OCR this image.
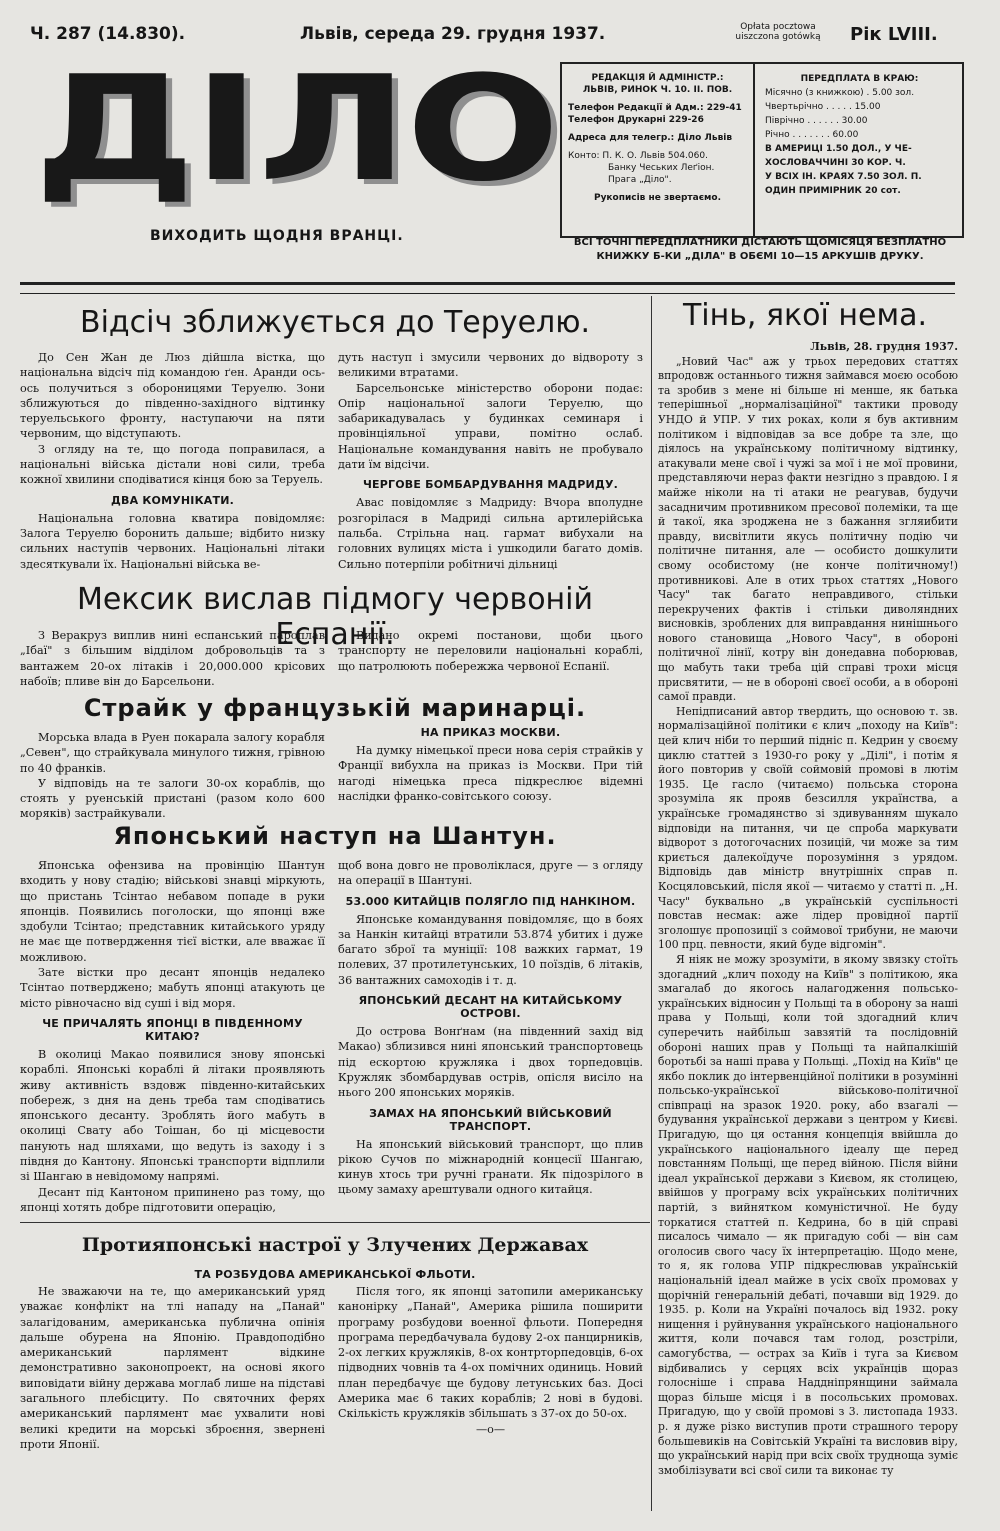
Ч. 287 (14.830).	Львів, середа 29. грудня 1937.	Opłata pocztowa uiszczona gotówką	Рік LVIII.
ДІЛО
ВИХОДИТЬ ЩОДНЯ ВРАНЦІ.
РЕДАКЦІЯ Й АДМІНІСТР.:
ЛЬВІВ, РИНОК Ч. 10. II. ПОВ.
Телефон Редакції й Адм.: 229-41
Телефон Друкарні 229-26
Адреса для телегр.: Діло Львів
Конто: П. К. О. Львів 504.060.
Банку Чеських Леґіон.
Прага „Діло".
Рукописів не звертаємо.
ПЕРЕДПЛАТА В КРАЮ:
Місячно (з книжкою) . 5.00 зол.
Чвертьрічно . . . . . 15.00
Піврічно . . . . . . 30.00
Річно . . . . . . . 60.00
В АМЕРИЦІ 1.50 ДОЛ., У ЧЕ-
ХОСЛОВАЧЧИНІ 30 КОР. Ч.
У ВСІХ ІН. КРАЯХ 7.50 ЗОЛ. П.
ОДИН ПРИМІРНИК 20 сот.
ВСІ ТОЧНІ ПЕРЕДПЛАТНИКИ ДІСТАЮТЬ ЩОМІСЯЦЯ БЕЗПЛАТНО КНИЖКУ Б-КИ „ДІЛА" В ОБЄМІ 10—15 АРКУШІВ ДРУКУ.
Відсіч зближується до Теруелю.

До Сен Жан де Люз дійшла вістка, що національна відсіч під командою ґен. Аранди ось-ось получиться з обороницями Теруелю. Зони зближуються до південно-західного відтинку теруельського фронту, наступаючи на пяти червоним, що відступають.

З огляду на те, що погода поправилася, а національні війська дістали нові сили, треба кожної хвилини сподіватися кінця бою за Теруель.

ДВА КОМУНІКАТИ.

Національна головна кватира повідомляє: Залога Теруелю боронить дальше; відбито низку сильних наступів червоних. Національні літаки здесяткували їх. Національні війська ве-

дуть наступ і змусили червоних до відвороту з великими втратами.

Барсельонське міністерство оборони подає: Опір національної залоги Теруелю, що забарикадувалась у будинках семинаря і провінціяльної управи, помітно ослаб. Національне командування навіть не пробувало дати їм відсічи.

ЧЕРГОВЕ БОМБАРДУВАННЯ МАДРИДУ.

Авас повідомляє з Мадриду: Вчора вполудне розгорілася в Мадриді сильна артилерійська пальба. Стрільна нац. гармат вибухали на головних вулицях міста і ушкодили багато домів. Сильно потерпіли робітничі дільниці

Мексик вислав підмогу червоній Еспанії.

З Веракруз виплив нині еспанський пароплав „Ібаї" з більшим відділом добровольців та з вантажем 20-ох літаків і 20,000.000 кріcових набоїв; пливе він до Барсельони.

Видано окремі постанови, щоби цього транспорту не переловили національні кораблі, що патролюють побережжа червоної Еспанії.

Страйк у французькій маринарці.

Морська влада в Руен покарала залогу корабля „Севен", що страйкувала минулого тижня, грiвною по 40 франків.

У відповідь на те залоги 30-ох кораблів, що стоять у руенській пристані (разом коло 600 моряків) застрайкували.

НА ПРИКАЗ МОСКВИ.

На думку німецької преси нова серія страйків у Франції вибухла на приказ із Москви. При тій нагоді німецька преса підкреслює відемні наслідки франко-совітського союзу.

Японський наступ на Шантун.

Японська офензива на провінцію Шантун входить у нову стадію; військові знавці міркують, що пристань Тсінтао небавом попаде в руки японців. Появились поголоски, що японці вже здобули Тсінтао; представник китайського уряду не має ще потвердження тієї вістки, але вважає її можливою.

Зате вістки про десант японців недалеко Тсінтао потверджено; мабуть японці атакують це місто рівночасно від суші і від моря.

ЧЕ ПРИЧАЛЯТЬ ЯПОНЦІ В ПІВДЕННОМУ КИТАЮ?

В околиці Макао появилися знову японські кораблі. Японські кораблі й літаки проявляють живу активність вздовж південно-китайських побереж, з дня на день треба там сподіватись японського десанту. Зроблять його мабуть в околиці Свату або Тоішан, бо ці місцевости панують над шляхами, що ведуть із заходу і з півдня до Кантону. Японські транспорти відплили зі Шангаю в невідомому напрямі.

Десант під Кантоном припинено раз тому, що японці хотять добре підготовити операцію,

щоб вона довго не проволіклася, друге — з огляду на операції в Шантуні.

53.000 КИТАЙЦІВ ПОЛЯГЛО ПІД НАНКІНОМ.

Японське командування повідомляє, що в боях за Нанкін китайці втратили 53.874 убитих і дуже багато зброї та муніції: 108 важких гармат, 19 полевих, 37 протилетунських, 10 поїздів, 6 літаків, 36 вантажних самоходів і т. д.

ЯПОНСЬКИЙ ДЕСАНТ НА КИТАЙСЬКОМУ ОСТРОВІ.

До острова Вонґнам (на південний захід від Макао) зблизився нині японський транспортовець під ескортою кружляка і двох торпедовців. Кружляк збомбардував острів, опісля висіло на нього 200 японських моряків.

ЗАМАХ НА ЯПОНСЬКИЙ ВІЙСЬКОВИЙ ТРАНСПОРТ.

На японський військовий транспорт, що плив рікою Сучов по міжнародній концесії Шангаю, кинув хтось три ручні гранати. Як підозрілого в цьому замаху арештували одного китайця.

Протияпонські настрої у Злучених Державах
ТА РОЗБУДОВА АМЕРИКАНСЬКОЇ ФЛЬОТИ.

Не зважаючи на те, що американський уряд уважає конфлікт на тлі нападу на „Панай" залагідованим, американська публична опінія дальше обурена на Японію. Правдоподібно американський парлямент відкине демонстративно законопроект, на основі якого виповідати війну держава моглаб лише на підставі загального плебісциту. По святочних ферях американський парлямент має ухвалити нові великі кредити на морські зброєння, звернені проти Японії.

Після того, як японці затопили американську канонірку „Панай", Америка рішила поширити програму розбудови военної фльоти. Попередня програма передбачувала будову 2-ох панцирників, 2-ох легких кружляків, 8-ох контрторпедовців, 6-ох підводних човнів та 4-ох помічних одиниць. Новий план передбачує ще будову летунських баз. Досі Америка має 6 таких кораблів; 2 нові в будові. Скількість кружляків збільшать з 37-ох до 50-ох.

—о—
Тінь, якої нема.
Львів, 28. грудня 1937.

„Новий Час" аж у трьох передових статтях впродовж останнього тижня займався моєю особою та зробив з мене ні більше ні менше, як батька теперішньої „нормалізаційної" тактики проводу УНДО й УПР. У тих роках, коли я був активним політиком і відповідав за все добре та зле, що діялось на українському політичному відтинку, атакували мене свої і чужі за мої і не мої провини, представляючи нераз факти незгідно з правдою. І я майже ніколи на ті атаки не реагував, будучи засадничим противником пресової полеміки, та ще й такої, яка зроджена не з бажання згляибити правду, висвітлити якусь політичну подію чи політичне питання, але — особисто дошкулити свому особистому (не конче політичному!) противникові. Але в отих трьох статтях „Нового Часу" так багато неправдивого, стільки перекручених фактів і стільки диволяндних висновків, зроблених для виправдання нинішнього нового становища „Нового Часу", в обороні політичної лінії, котру він донедавна поборював, що мабуть таки треба цій справі трохи місця присвятити, — не в обороні своєї особи, а в обороні самої правди.

Непідписаний автор твердить, що основою т. зв. нормалізаційної політики є клич „походу на Київ": цей клич ніби то перший підніс п. Кедрин у своєму циклю статтей з 1930-го року у „Ділі", і потім я його повторив у своїй соймовій промові в лютім 1935. Це гасло (читаємо) польська сторона зрозуміла як прояв безсилля українства, а українське громадянство зі здивуванням шукало відповіди на питання, чи це спроба маркувати відворот з дотогочасних позицій, чи може за тим криється далекоїдуче порозуміння з урядом. Відповідь дав міністр внутрішніх справ п. Косцяловський, після якої — читаємо у статті п. „Н. Часу" буквально „в українській суспільності повстав несмак: аже лідер провідної партії зголошує пропозиції з соймової трибуни, не маючи 100 прц. певности, який буде відгомін".

Я ніяк не можу зрозуміти, в якому звязку стоїть здогадний „клич походу на Київ" з політикою, яка змагалаб до якогось налагодження польсько-українських відносин у Польщі та в оборону за наші права у Польщі, коли той здогадний клич суперечить найбільш завзятій та послідовній обороні наших прав у Польщі та найпалкішій боротьбі за наші права у Польщі. „Похід на Київ" це якбо поклик до інтервенційної політики в розумінні польсько-української військово-політичної співпраці на зразок 1920. року, або взагалі — будування української держави з центром у Києві. Пригадую, що ця остання концепція ввійшла до українського національного ідеалу ще перед повстанням Польщі, ще перед війною. Після війни ідеал української держави з Києвом, як столицею, ввійшов у програму всіх українських політичних партій, з вийнятком комуністичної. Не буду торкатися статтей п. Кедрина, бо в цій справі писалось чимало — як пригадую собі — він сам оголосив свого часу їх інтерпретацію. Щодо мене, то я, як голова УПР підкреслював українській національній ідеал майже в усіх своїх промовах у щорічній генеральній дебаті, почавши від 1929. до 1935. р. Коли на Україні почалось від 1932. року нищення і руйнування українського національного життя, коли почався там голод, розстріли, самогубства, — острах за Київ і туга за Києвом відбивались у серцях всіх українців щораз голосніше і справа Наддніпрянщини займала щораз більше місця і в посольських промовах. Пригадую, що у своїй промові з 3. листопада 1933. р. я дуже різко виступив проти страшного терору большевиків на Совітській Україні та висловив віру, що український нарід при всіх своїх трудноща зуміє змобілізувати всі свої сили та виконає ту
